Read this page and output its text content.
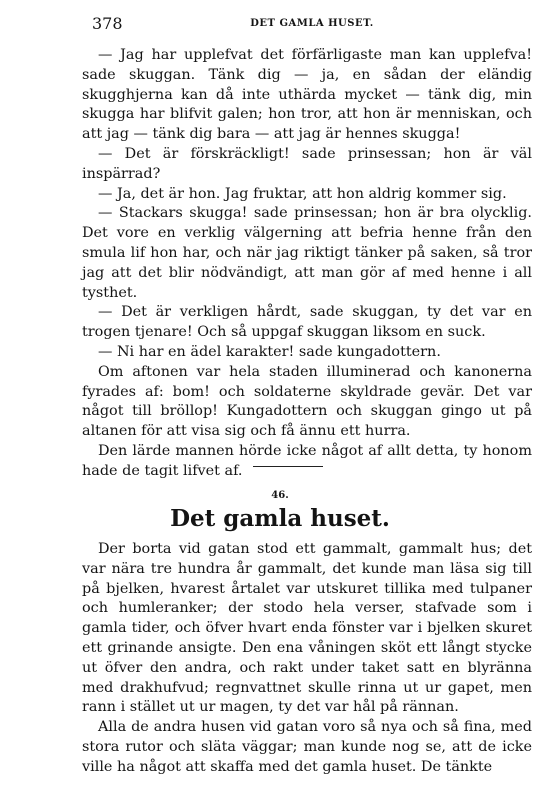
378	DET GAMLA HUSET.

— Jag har upplefvat det förfärligaste man kan upplefva! sade skuggan. Tänk dig — ja, en sådan der eländig skugghjerna kan då inte uthärda mycket — tänk dig, min skugga har blifvit galen; hon tror, att hon är menniskan, och att jag — tänk dig bara — att jag är hennes skugga!

— Det är förskräckligt! sade prinsessan; hon är väl inspärrad?

— Ja, det är hon. Jag fruktar, att hon aldrig kommer sig.

— Stackars skugga! sade prinsessan; hon är bra olycklig. Det vore en verklig välgerning att befria henne från den smula lif hon har, och när jag riktigt tänker på saken, så tror jag att det blir nödvändigt, att man gör af med henne i all tysthet.

— Det är verkligen hårdt, sade skuggan, ty det var en trogen tjenare! Och så uppgaf skuggan liksom en suck.

— Ni har en ädel karakter! sade kungadottern.

Om aftonen var hela staden illuminerad och kanonerna fyrades af: bom! och soldaterne skyldrade gevär. Det var något till bröllop! Kungadottern och skuggan gingo ut på altanen för att visa sig och få ännu ett hurra.

Den lärde mannen hörde icke något af allt detta, ty honom hade de tagit lifvet af.

46.
Det gamla huset.

Der borta vid gatan stod ett gammalt, gammalt hus; det var nära tre hundra år gammalt, det kunde man läsa sig till på bjelken, hvarest årtalet var utskuret tillika med tulpaner och humleranker; der stodo hela verser, stafvade som i gamla tider, och öfver hvart enda fönster var i bjelken skuret ett grinande ansigte. Den ena våningen sköt ett långt stycke ut öfver den andra, och rakt under taket satt en blyränna med drakhufvud; regnvattnet skulle rinna ut ur gapet, men rann i stället ut ur magen, ty det var hål på rännan.

Alla de andra husen vid gatan voro så nya och så fina, med stora rutor och släta väggar; man kunde nog se, att de icke ville ha något att skaffa med det gamla huset. De tänkte
